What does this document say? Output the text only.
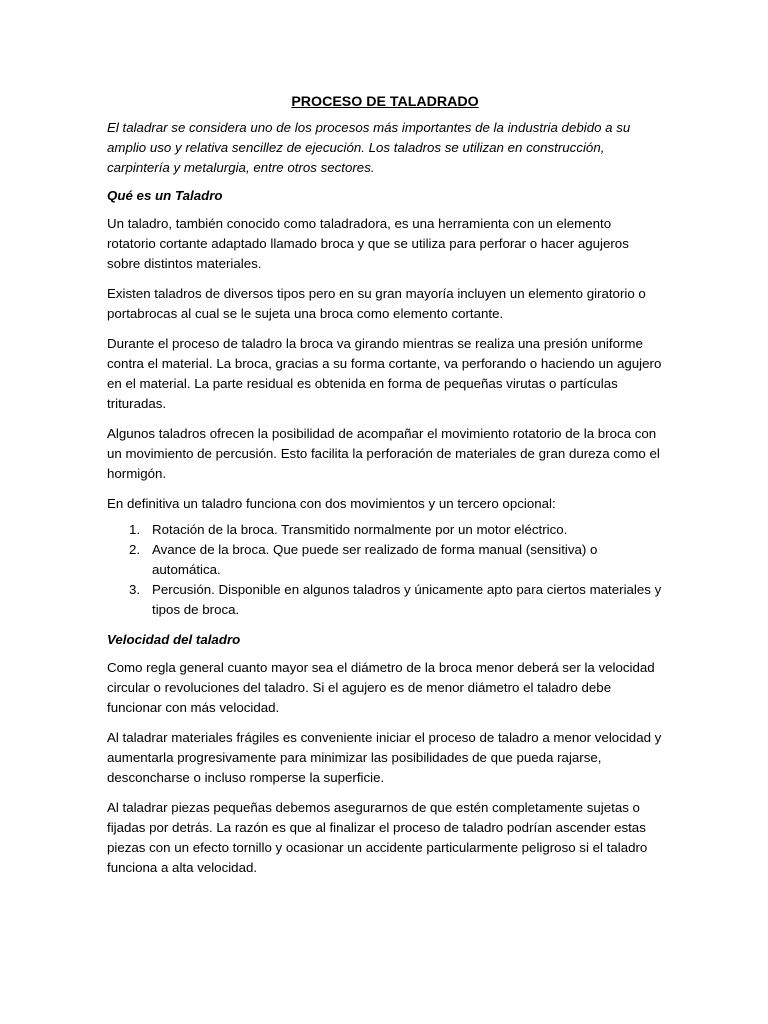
PROCESO DE TALADRADO

El taladrar se considera uno de los procesos más importantes de la industria debido a su amplio uso y relativa sencillez de ejecución. Los taladros se utilizan en construcción, carpintería y metalurgia, entre otros sectores.

Qué es un Taladro

Un taladro, también conocido como taladradora, es una herramienta con un elemento rotatorio cortante adaptado llamado broca y que se utiliza para perforar o hacer agujeros sobre distintos materiales.

Existen taladros de diversos tipos pero en su gran mayoría incluyen un elemento giratorio o portabrocas al cual se le sujeta una broca como elemento cortante.

Durante el proceso de taladro la broca va girando mientras se realiza una presión uniforme contra el material. La broca, gracias a su forma cortante, va perforando o haciendo un agujero en el material. La parte residual es obtenida en forma de pequeñas virutas o partículas trituradas.

Algunos taladros ofrecen la posibilidad de acompañar el movimiento rotatorio de la broca con un movimiento de percusión. Esto facilita la perforación de materiales de gran dureza como el hormigón.

En definitiva un taladro funciona con dos movimientos y un tercero opcional:

1. Rotación de la broca. Transmitido normalmente por un motor eléctrico.
2. Avance de la broca. Que puede ser realizado de forma manual (sensitiva) o automática.
3. Percusión. Disponible en algunos taladros y únicamente apto para ciertos materiales y tipos de broca.

Velocidad del taladro

Como regla general cuanto mayor sea el diámetro de la broca menor deberá ser la velocidad circular o revoluciones del taladro. Si el agujero es de menor diámetro el taladro debe funcionar con más velocidad.

Al taladrar materiales frágiles es conveniente iniciar el proceso de taladro a menor velocidad y aumentarla progresivamente para minimizar las posibilidades de que pueda rajarse, desconcharse o incluso romperse la superficie.

Al taladrar piezas pequeñas debemos asegurarnos de que estén completamente sujetas o fijadas por detrás. La razón es que al finalizar el proceso de taladro podrían ascender estas piezas con un efecto tornillo y ocasionar un accidente particularmente peligroso si el taladro funciona a alta velocidad.
